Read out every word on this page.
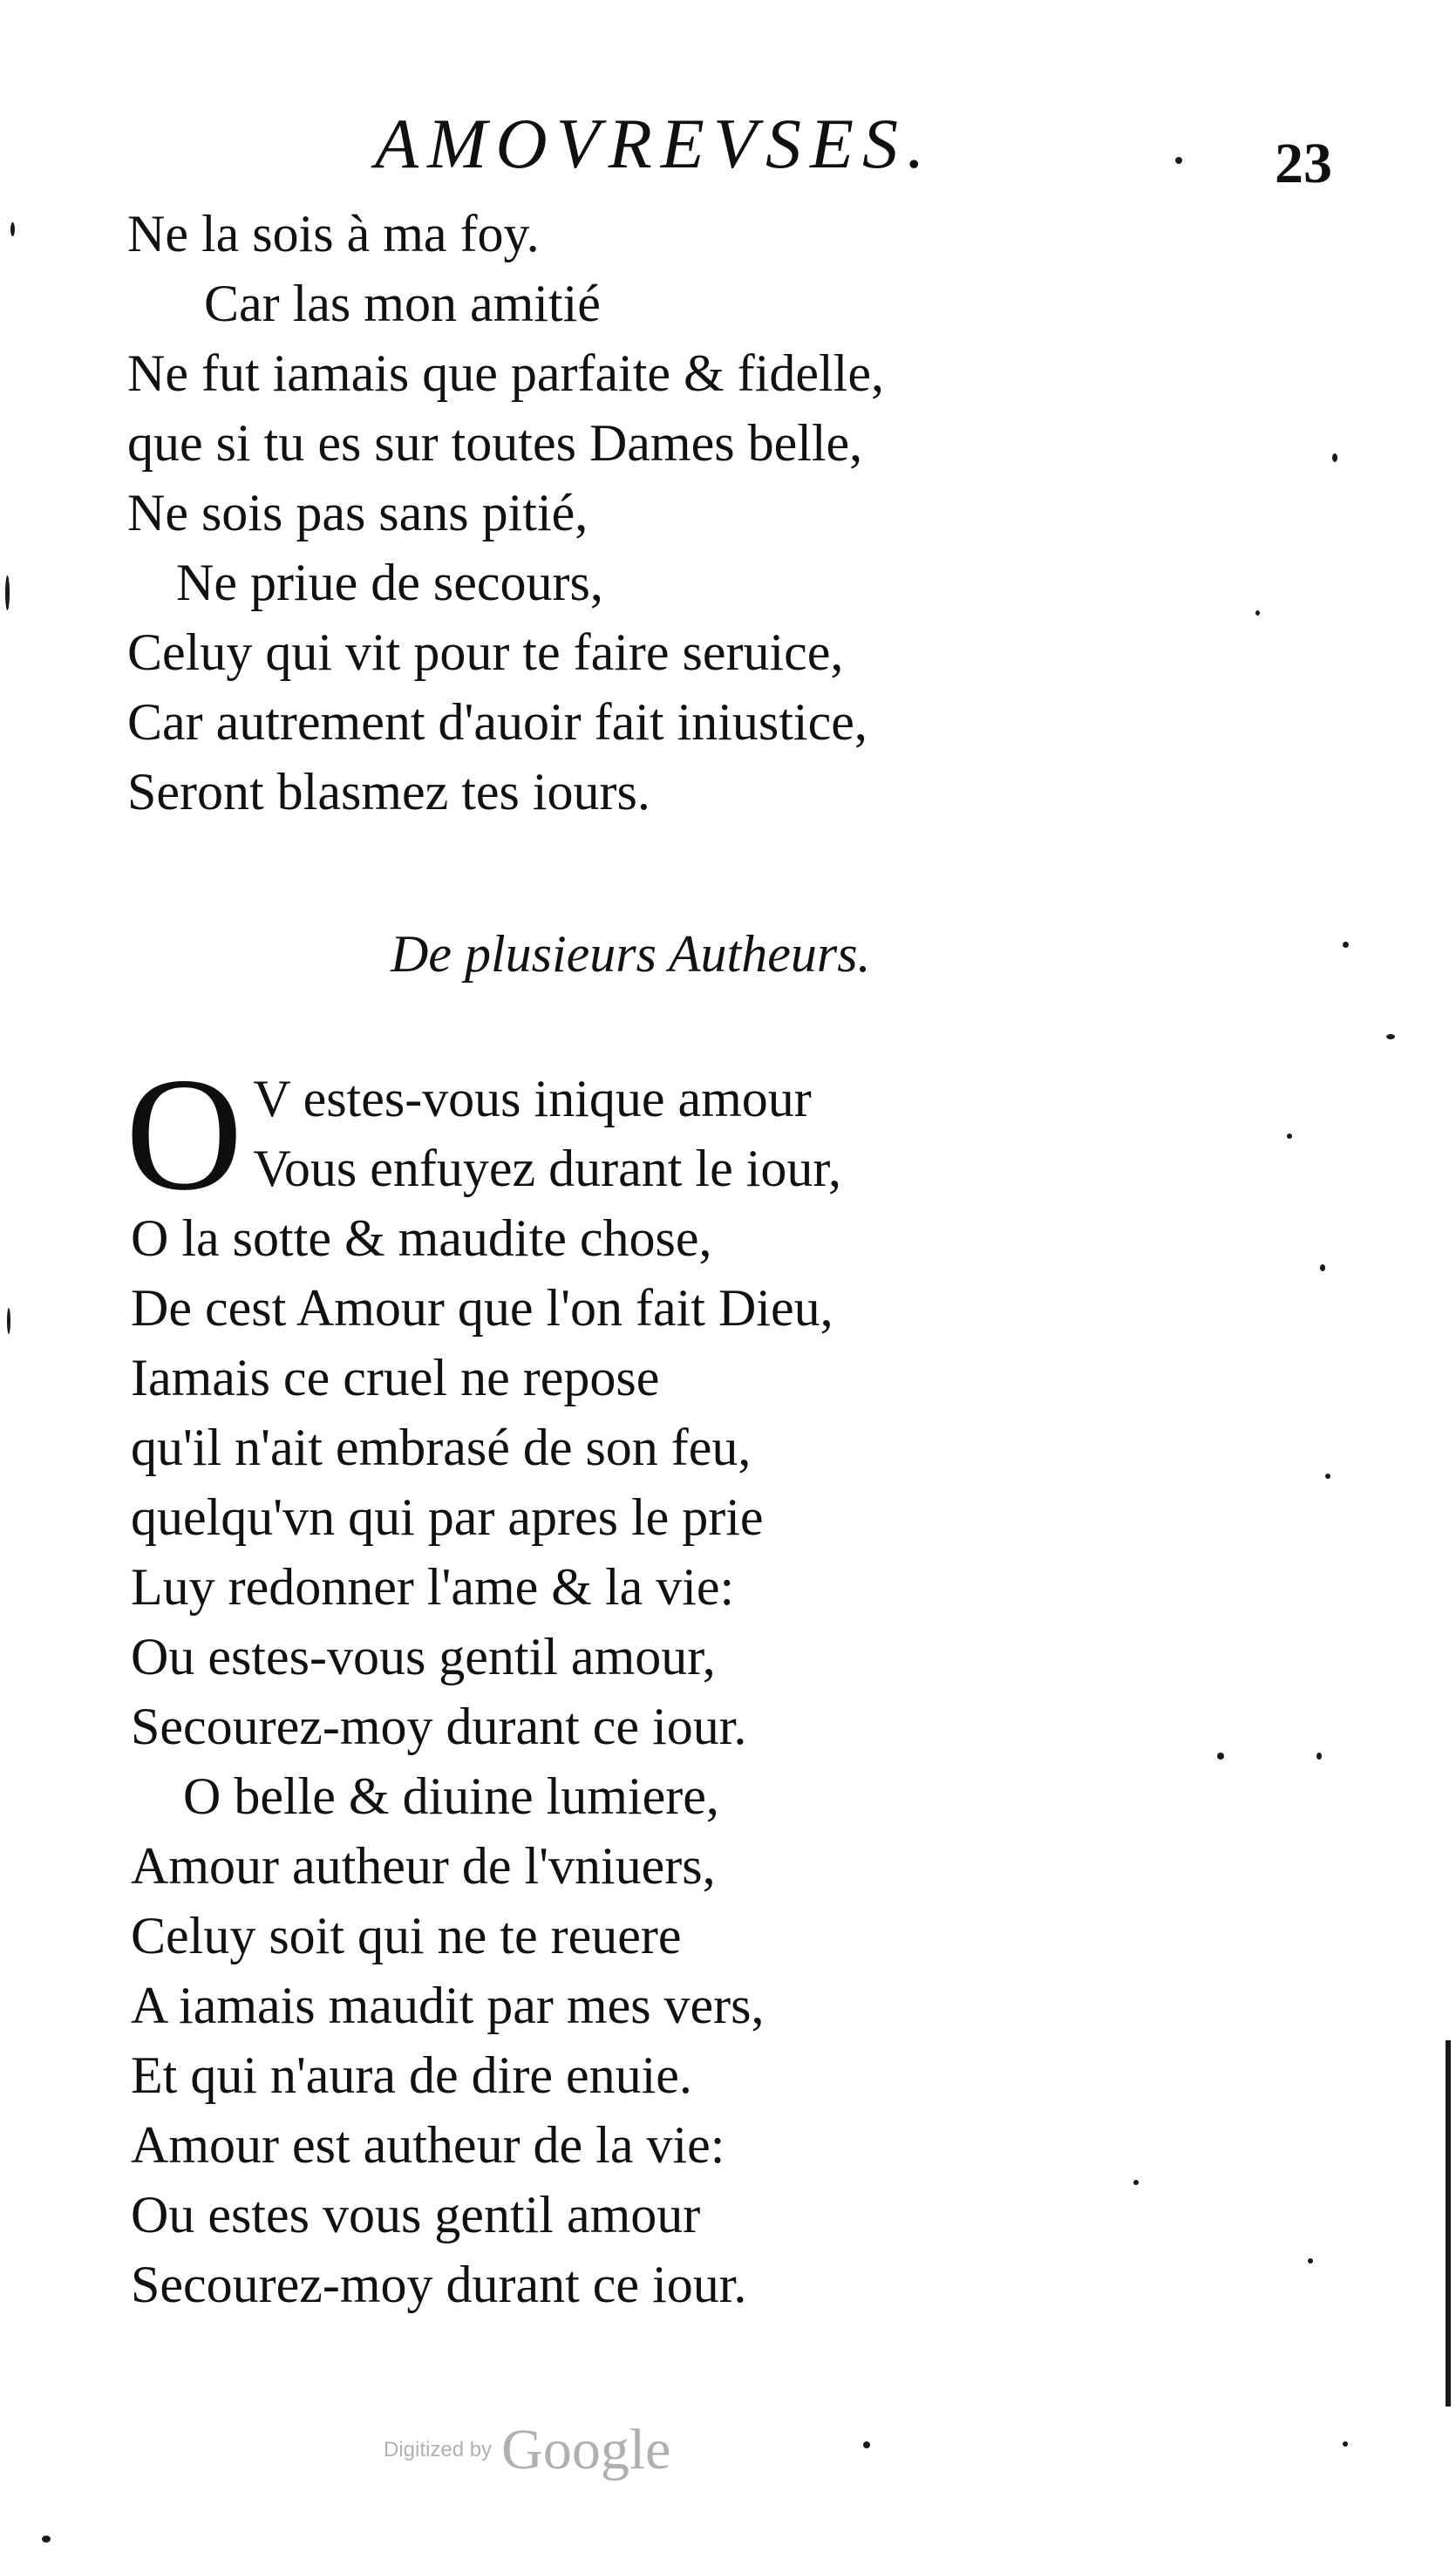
AMOVREVSES.	23
Ne la sois à ma foy.
Car las mon amitié
Ne fut iamais que parfaite & fidelle,
que si tu es sur toutes Dames belle,
Ne sois pas sans pitié,
Ne priue de secours,
Celuy qui vit pour te faire seruice,
Car autrement d'auoir fait iniustice,
Seront blasmez tes iours.
De plusieurs Autheurs.
O V estes-vous inique amour
Vous enfuyez durant le iour,
O la sotte & maudite chose,
De cest Amour que l'on fait Dieu,
Iamais ce cruel ne repose
qu'il n'ait embrasé de son feu,
quelqu'vn qui par apres le prie
Luy redonner l'ame & la vie:
Ou estes-vous gentil amour,
Secourez-moy durant ce iour.
O belle & diuine lumiere,
Amour autheur de l'vniuers,
Celuy soit qui ne te reuere
A iamais maudit par mes vers,
Et qui n'aura de dire enuie.
Amour est autheur de la vie:
Ou estes vous gentil amour
Secourez-moy durant ce iour.
Digitized by Google
